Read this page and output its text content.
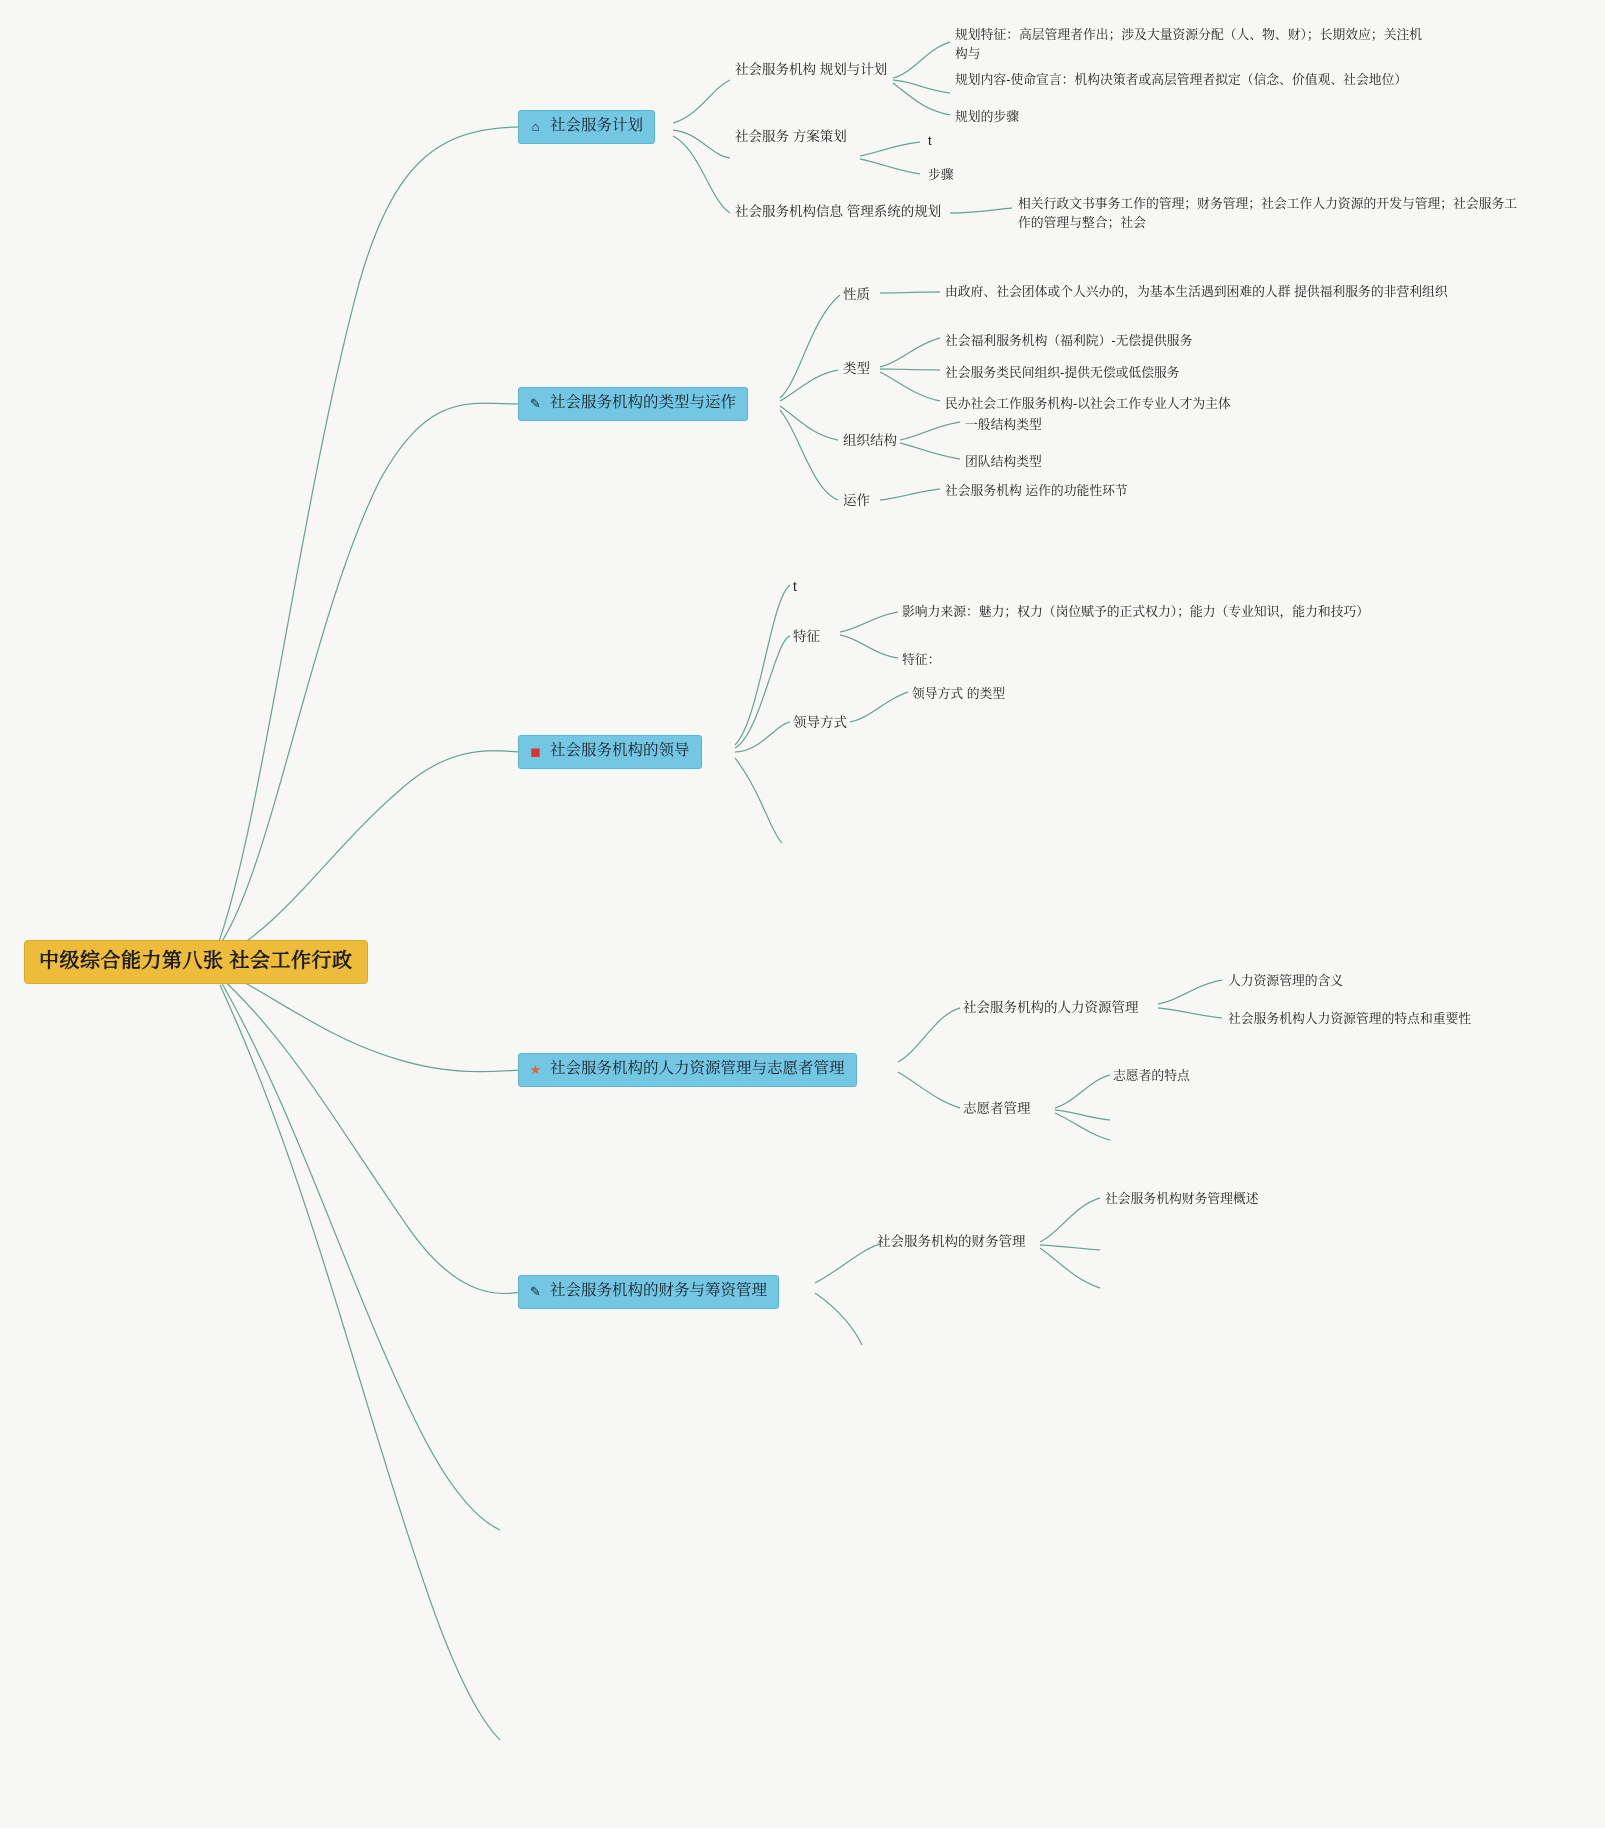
中级综合能力第八张 社会工作行政
⌂ 社会服务计划
社会服务机构 规划与计划
社会服务 方案策划
社会服务机构信息 管理系统的规划
规划特征：高层管理者作出；涉及大量资源分配（人、物、财）；长期效应；关注机构与
规划内容-使命宣言：机构决策者或高层管理者拟定（信念、价值观、社会地位）
规划的步骤
t
步骤
相关行政文书事务工作的管理；财务管理；社会工作人力资源的开发与管理；社会服务工作的管理与整合；社会
✎ 社会服务机构的类型与运作
性质
类型
组织结构
运作
由政府、社会团体或个人兴办的，为基本生活遇到困难的人群 提供福利服务的非营利组织
社会福利服务机构（福利院）-无偿提供服务
社会服务类民间组织-提供无偿或低偿服务
民办社会工作服务机构-以社会工作专业人才为主体
一般结构类型
团队结构类型
社会服务机构 运作的功能性环节
◼ 社会服务机构的领导
t
特征
领导方式
影响力来源：魅力；权力（岗位赋予的正式权力）；能力（专业知识，能力和技巧）
特征：
领导方式 的类型
★ 社会服务机构的人力资源管理与志愿者管理
社会服务机构的人力资源管理
志愿者管理
人力资源管理的含义
社会服务机构人力资源管理的特点和重要性
志愿者的特点
✎ 社会服务机构的财务与筹资管理
社会服务机构的财务管理
社会服务机构财务管理概述
